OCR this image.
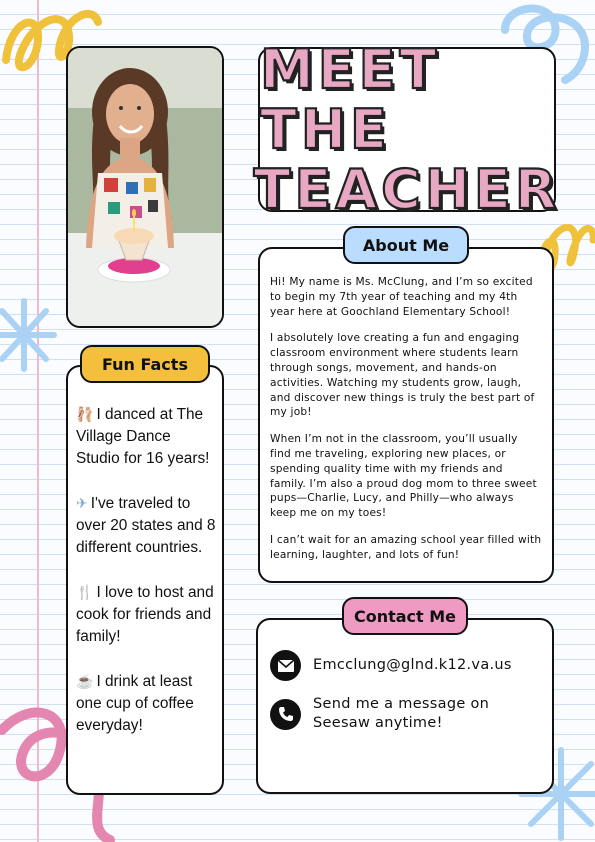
MEET THE
TEACHER

Hi! My name is Ms. McClung, and I’m so excited to begin my 7th year of teaching and my 4th year here at Goochland Elementary School!

I absolutely love creating a fun and engaging classroom environment where students learn through songs, movement, and hands-on activities. Watching my students grow, laugh, and discover new things is truly the best part of my job!

When I’m not in the classroom, you’ll usually find me traveling, exploring new places, or spending quality time with my friends and family. I’m also a proud dog mom to three sweet pups—Charlie, Lucy, and Philly—who always keep me on my toes!

I can’t wait for an amazing school year filled with learning, laughter, and lots of fun!

About Me

🩰 I danced at The Village Dance Studio for 16 years!

✈ I've traveled to over 20 states and 8 different countries.

🍴 I love to host and cook for friends and family!

☕ I drink at least one cup of coffee everyday!

Fun Facts
Emcclung@glnd.k12.va.us
Send me a message on Seesaw anytime!
Contact Me
